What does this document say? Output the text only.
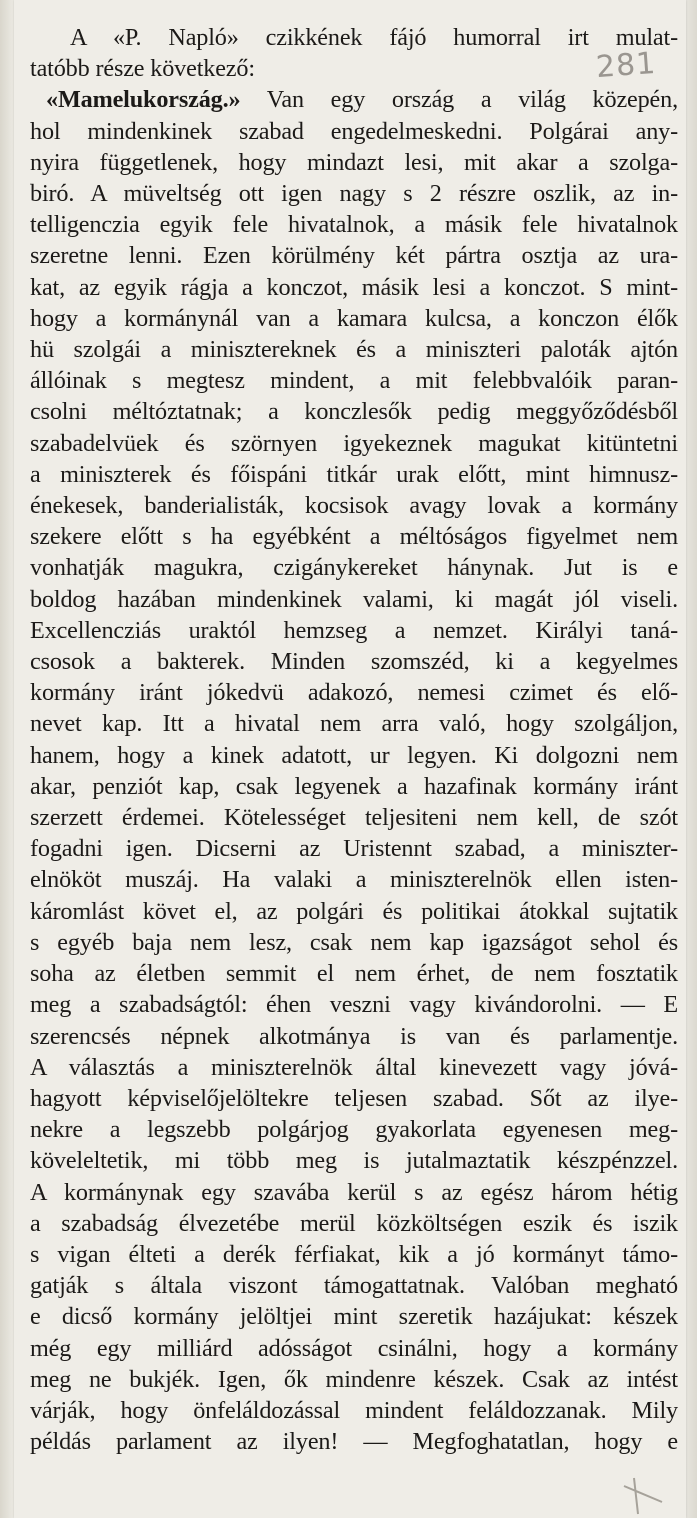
281
A «P. Napló» czikkének fájó humorral irt mulat-
tatóbb része következő:
«Mamelukország.» Van egy ország a világ közepén,
hol mindenkinek szabad engedelmeskedni. Polgárai any-
nyira függetlenek, hogy mindazt lesi, mit akar a szolga-
biró. A müveltség ott igen nagy s 2 részre oszlik, az in-
telligenczia egyik fele hivatalnok, a másik fele hivatalnok
szeretne lenni. Ezen körülmény két pártra osztja az ura-
kat, az egyik rágja a konczot, másik lesi a konczot. S mint-
hogy a kormánynál van a kamara kulcsa, a konczon élők
hü szolgái a minisztereknek és a miniszteri paloták ajtón
állóinak s megtesz mindent, a mit felebbvalóik paran-
csolni méltóztatnak; a konczlesők pedig meggyőződésből
szabadelvüek és szörnyen igyekeznek magukat kitüntetni
a miniszterek és főispáni titkár urak előtt, mint himnusz-
énekesek, banderialisták, kocsisok avagy lovak a kormány
szekere előtt s ha egyébként a méltóságos figyelmet nem
vonhatják magukra, czigánykereket hánynak. Jut is e
boldog hazában mindenkinek valami, ki magát jól viseli.
Excellencziás uraktól hemzseg a nemzet. Királyi taná-
csosok a bakterek. Minden szomszéd, ki a kegyelmes
kormány iránt jókedvü adakozó, nemesi czimet és elő-
nevet kap. Itt a hivatal nem arra való, hogy szolgáljon,
hanem, hogy a kinek adatott, ur legyen. Ki dolgozni nem
akar, penziót kap, csak legyenek a hazafinak kormány iránt
szerzett érdemei. Kötelességet teljesiteni nem kell, de szót
fogadni igen. Dicserni az Uristennt szabad, a miniszter-
elnököt muszáj. Ha valaki a miniszterelnök ellen isten-
káromlást követ el, az polgári és politikai átokkal sujtatik
s egyéb baja nem lesz, csak nem kap igazságot sehol és
soha az életben semmit el nem érhet, de nem fosztatik
meg a szabadságtól: éhen veszni vagy kivándorolni. — E
szerencsés népnek alkotmánya is van és parlamentje.
A választás a miniszterelnök által kinevezett vagy jóvá-
hagyott képviselőjelöltekre teljesen szabad. Sőt az ilye-
nekre a legszebb polgárjog gyakorlata egyenesen meg-
köveleltetik, mi több meg is jutalmaztatik készpénzzel.
A kormánynak egy szavába kerül s az egész három hétig
a szabadság élvezetébe merül közköltségen eszik és iszik
s vigan élteti a derék férfiakat, kik a jó kormányt támo-
gatják s általa viszont támogattatnak. Valóban megható
e dicső kormány jelöltjei mint szeretik hazájukat: készek
még egy milliárd adósságot csinálni, hogy a kormány
meg ne bukjék. Igen, ők mindenre készek. Csak az intést
várják, hogy önfeláldozással mindent feláldozzanak. Mily
példás parlament az ilyen! — Megfoghatatlan, hogy e
